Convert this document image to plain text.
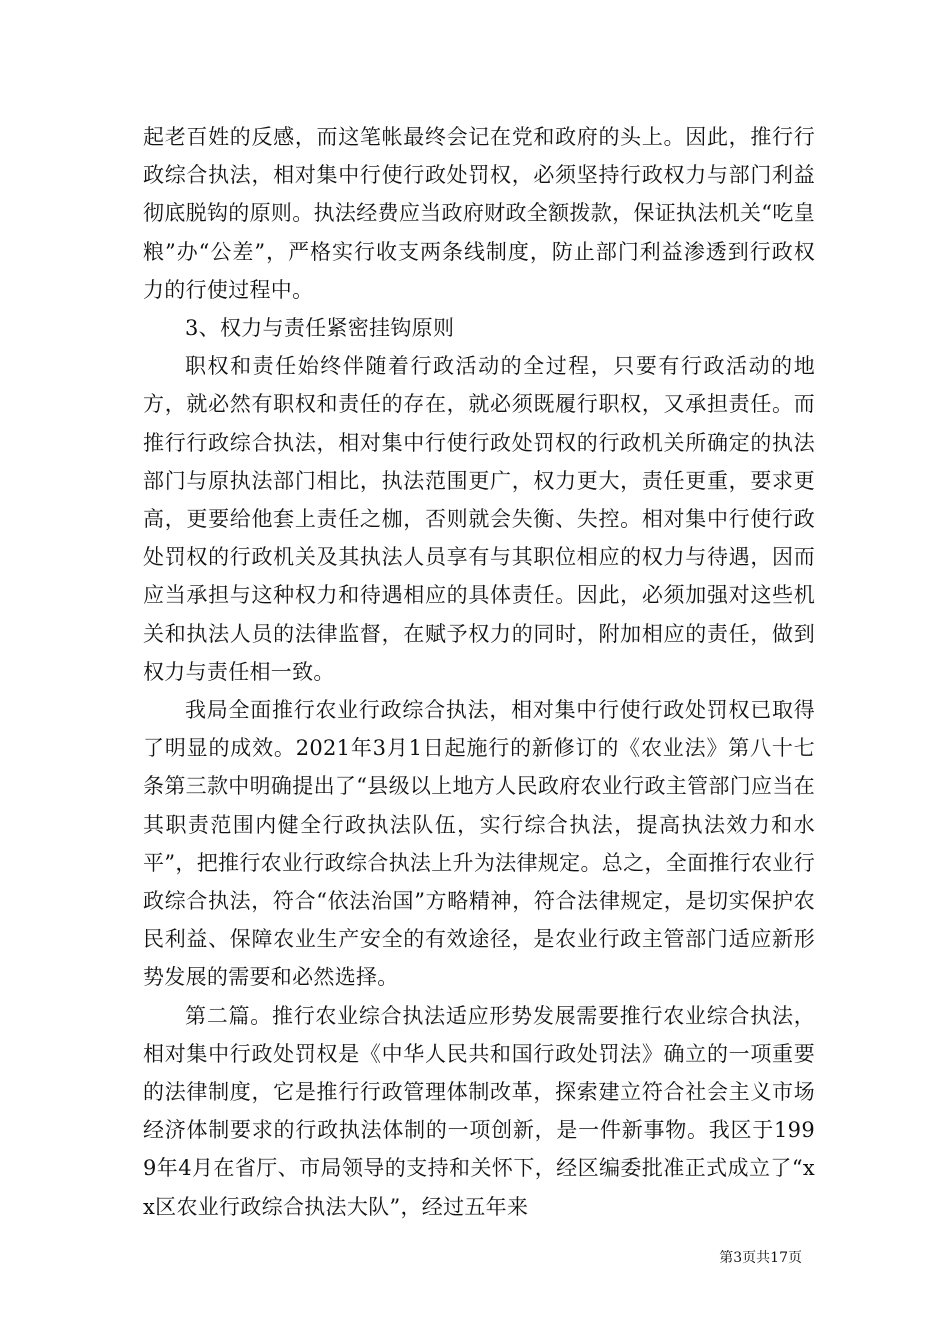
起老百姓的反感，而这笔帐最终会记在党和政府的头上。因此，推行行政综合执法，相对集中行使行政处罚权，必须坚持行政权力与部门利益彻底脱钩的原则。执法经费应当政府财政全额拨款，保证执法机关“吃皇粮”办“公差”，严格实行收支两条线制度，防止部门利益渗透到行政权力的行使过程中。

3、权力与责任紧密挂钩原则

职权和责任始终伴随着行政活动的全过程，只要有行政活动的地方，就必然有职权和责任的存在，就必须既履行职权，又承担责任。而推行行政综合执法，相对集中行使行政处罚权的行政机关所确定的执法部门与原执法部门相比，执法范围更广，权力更大，责任更重，要求更高，更要给他套上责任之枷，否则就会失衡、失控。相对集中行使行政处罚权的行政机关及其执法人员享有与其职位相应的权力与待遇，因而应当承担与这种权力和待遇相应的具体责任。因此，必须加强对这些机关和执法人员的法律监督，在赋予权力的同时，附加相应的责任，做到权力与责任相一致。

我局全面推行农业行政综合执法，相对集中行使行政处罚权已取得了明显的成效。2021年3月1日起施行的新修订的《农业法》第八十七条第三款中明确提出了“县级以上地方人民政府农业行政主管部门应当在其职责范围内健全行政执法队伍，实行综合执法，提高执法效力和水平”，把推行农业行政综合执法上升为法律规定。总之，全面推行农业行政综合执法，符合“依法治国”方略精神，符合法律规定，是切实保护农民利益、保障农业生产安全的有效途径，是农业行政主管部门适应新形势发展的需要和必然选择。

第二篇。推行农业综合执法适应形势发展需要推行农业综合执法，相对集中行政处罚权是《中华人民共和国行政处罚法》确立的一项重要的法律制度，它是推行行政管理体制改革，探索建立符合社会主义市场经济体制要求的行政执法体制的一项创新，是一件新事物。我区于1999年4月在省厅、市局领导的支持和关怀下，经区编委批准正式成立了“xx区农业行政综合执法大队”，经过五年来

第3页共17页
